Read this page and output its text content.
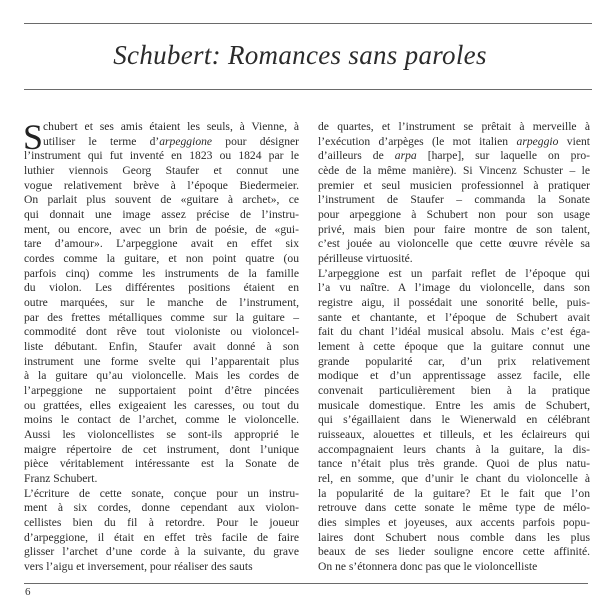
Schubert: Romances sans paroles
S chubert et ses amis étaient les seuls, à Vienne, à
utiliser le terme d’arpeggione pour désigner
l’instrument qui fut inventé en 1823 ou 1824 par le
luthier viennois Georg Staufer et connut une
vogue relativement brève à l’époque Biedermeier.
On parlait plus souvent de «guitare à archet», ce
qui donnait une image assez précise de l’instru-
ment, ou encore, avec un brin de poésie, de «gui-
tare d’amour». L’arpeggione avait en effet six
cordes comme la guitare, et non point quatre (ou
parfois cinq) comme les instruments de la famille
du violon. Les différentes positions étaient en
outre marquées, sur le manche de l’instrument,
par des frettes métalliques comme sur la guitare –
commodité dont rêve tout violoniste ou violoncel-
liste débutant. Enfin, Staufer avait donné à son
instrument une forme svelte qui l’apparentait plus
à la guitare qu’au violoncelle. Mais les cordes de
l’arpeggione ne supportaient point d’être pincées
ou grattées, elles exigeaient les caresses, ou tout du
moins le contact de l’archet, comme le violoncelle.
Aussi les violoncellistes se sont-ils approprié le
maigre répertoire de cet instrument, dont l’unique
pièce véritablement intéressante est la Sonate de
Franz Schubert.
L’écriture de cette sonate, conçue pour un instru-
ment à six cordes, donne cependant aux violon-
cellistes bien du fil à retordre. Pour le joueur
d’arpeggione, il était en effet très facile de faire
glisser l’archet d’une corde à la suivante, du grave
vers l’aigu et inversement, pour réaliser des sauts
de quartes, et l’instrument se prêtait à merveille à
l’exécution d’arpèges (le mot italien arpeggio vient
d’ailleurs de arpa [harpe], sur laquelle on pro-
cède de la même manière). Si Vincenz Schuster – le
premier et seul musicien professionnel à pratiquer
l’instrument de Staufer – commanda la Sonate
pour arpeggione à Schubert non pour son usage
privé, mais bien pour faire montre de son talent,
c’est jouée au violoncelle que cette œuvre révèle sa
périlleuse virtuosité.
L’arpeggione est un parfait reflet de l’époque qui
l’a vu naître. A l’image du violoncelle, dans son
registre aigu, il possédait une sonorité belle, puis-
sante et chantante, et l’époque de Schubert avait
fait du chant l’idéal musical absolu. Mais c’est éga-
lement à cette époque que la guitare connut une
grande popularité car, d’un prix relativement
modique et d’un apprentissage assez facile, elle
convenait particulièrement bien à la pratique
musicale domestique. Entre les amis de Schubert,
qui s’égaillaient dans le Wienerwald en célébrant
ruisseaux, alouettes et tilleuls, et les éclaireurs qui
accompagnaient leurs chants à la guitare, la dis-
tance n’était plus très grande. Quoi de plus natu-
rel, en somme, que d’unir le chant du violoncelle à
la popularité de la guitare? Et le fait que l’on
retrouve dans cette sonate le même type de mélo-
dies simples et joyeuses, aux accents parfois popu-
laires dont Schubert nous comble dans les plus
beaux de ses lieder souligne encore cette affinité.
On ne s’étonnera donc pas que le violoncelliste
6
